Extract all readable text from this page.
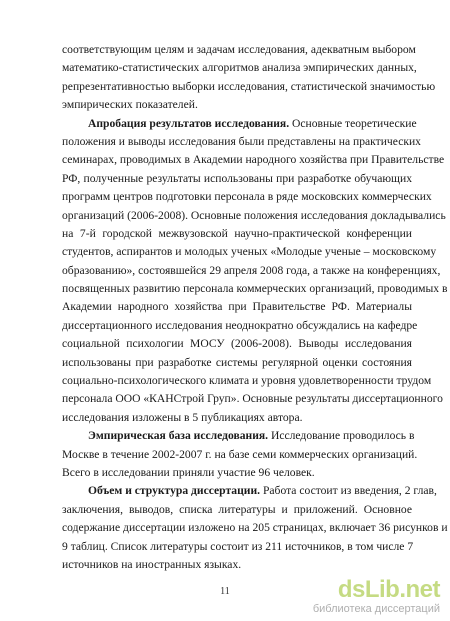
соответствующим целям и задачам исследования, адекватным выбором
математико-статистических алгоритмов анализа эмпирических данных,
репрезентативностью выборки исследования, статистической значимостью
эмпирических показателей.
Апробация результатов исследования. Основные теоретические
положения и выводы исследования были представлены на практических
семинарах, проводимых в Академии народного хозяйства при Правительстве
РФ, полученные результаты использованы при разработке обучающих
программ центров подготовки персонала в ряде московских коммерческих
организаций (2006-2008). Основные положения исследования докладывались
на 7-й городской межвузовской научно-практической конференции
студентов, аспирантов и молодых ученых «Молодые ученые – московскому
образованию», состоявшейся 29 апреля 2008 года, а также на конференциях,
посвященных развитию персонала коммерческих организаций, проводимых в
Академии народного хозяйства при Правительстве РФ. Материалы
диссертационного исследования неоднократно обсуждались на кафедре
социальной психологии МОСУ (2006-2008). Выводы исследования
использованы при разработке системы регулярной оценки состояния
социально-психологического климата и уровня удовлетворенности трудом
персонала ООО «КАНСтрой Груп». Основные результаты диссертационного
исследования изложены в 5 публикациях автора.
Эмпирическая база исследования. Исследование проводилось в
Москве в течение 2002-2007 г. на базе семи коммерческих организаций.
Всего в исследовании приняли участие 96 человек.
Объем и структура диссертации. Работа состоит из введения, 2 глав,
заключения, выводов, списка литературы и приложений. Основное
содержание диссертации изложено на 205 страницах, включает 36 рисунков и
9 таблиц. Список литературы состоит из 211 источников, в том числе 7
источников на иностранных языках.
11	dsLib.net
библиотека диссертаций
